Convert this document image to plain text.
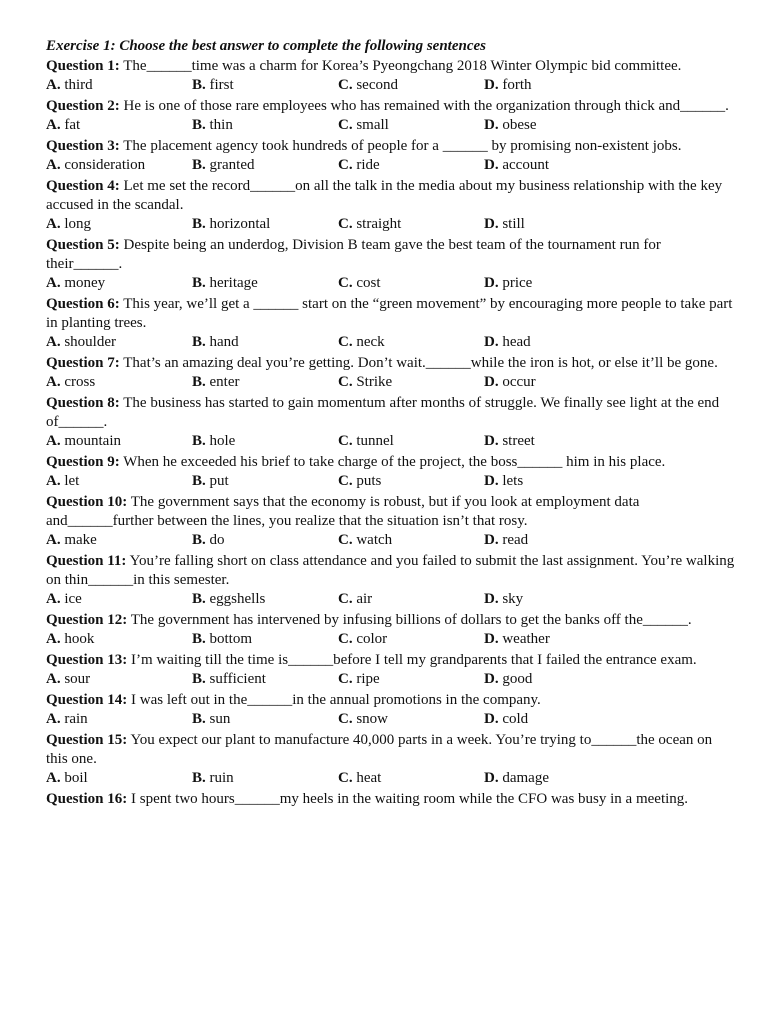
Exercise 1: Choose the best answer to complete the following sentences

Question 1: The______time was a charm for Korea’s Pyeongchang 2018 Winter Olympic bid committee.

A. third	B. first	C. second	D. forth

Question 2: He is one of those rare employees who has remained with the organization through thick and______.

A. fat	B. thin	C. small	D. obese

Question 3: The placement agency took hundreds of people for a ______ by promising non-existent jobs.

A. consideration	B. granted	C. ride	D. account

Question 4: Let me set the record______on all the talk in the media about my business relationship with the key accused in the scandal.

A. long	B. horizontal	C. straight	D. still

Question 5: Despite being an underdog, Division B team gave the best team of the tournament run for their______.

A. money	B. heritage	C. cost	D. price

Question 6: This year, we’ll get a ______ start on the “green movement” by encouraging more people to take part in planting trees.

A. shoulder	B. hand	C. neck	D. head

Question 7: That’s an amazing deal you’re getting. Don’t wait.______while the iron is hot, or else it’ll be gone.

A. cross	B. enter	C. Strike	D. occur

Question 8: The business has started to gain momentum after months of struggle. We finally see light at the end of______.

A. mountain	B. hole	C. tunnel	D. street

Question 9: When he exceeded his brief to take charge of the project, the boss______ him in his place.

A. let	B. put	C. puts	D. lets

Question 10: The government says that the economy is robust, but if you look at employment data and______further between the lines, you realize that the situation isn’t that rosy.

A. make	B. do	C. watch	D. read

Question 11: You’re falling short on class attendance and you failed to submit the last assignment. You’re walking on thin______in this semester.

A. ice	B. eggshells	C. air	D. sky

Question 12: The government has intervened by infusing billions of dollars to get the banks off the______.

A. hook	B. bottom	C. color	D. weather

Question 13: I’m waiting till the time is______before I tell my grandparents that I failed the entrance exam.

A. sour	B. sufficient	C. ripe	D. good

Question 14: I was left out in the______in the annual promotions in the company.

A. rain	B. sun	C. snow	D. cold

Question 15: You expect our plant to manufacture 40,000 parts in a week. You’re trying to______the ocean on this one.

A. boil	B. ruin	C. heat	D. damage

Question 16: I spent two hours______my heels in the waiting room while the CFO was busy in a meeting.
